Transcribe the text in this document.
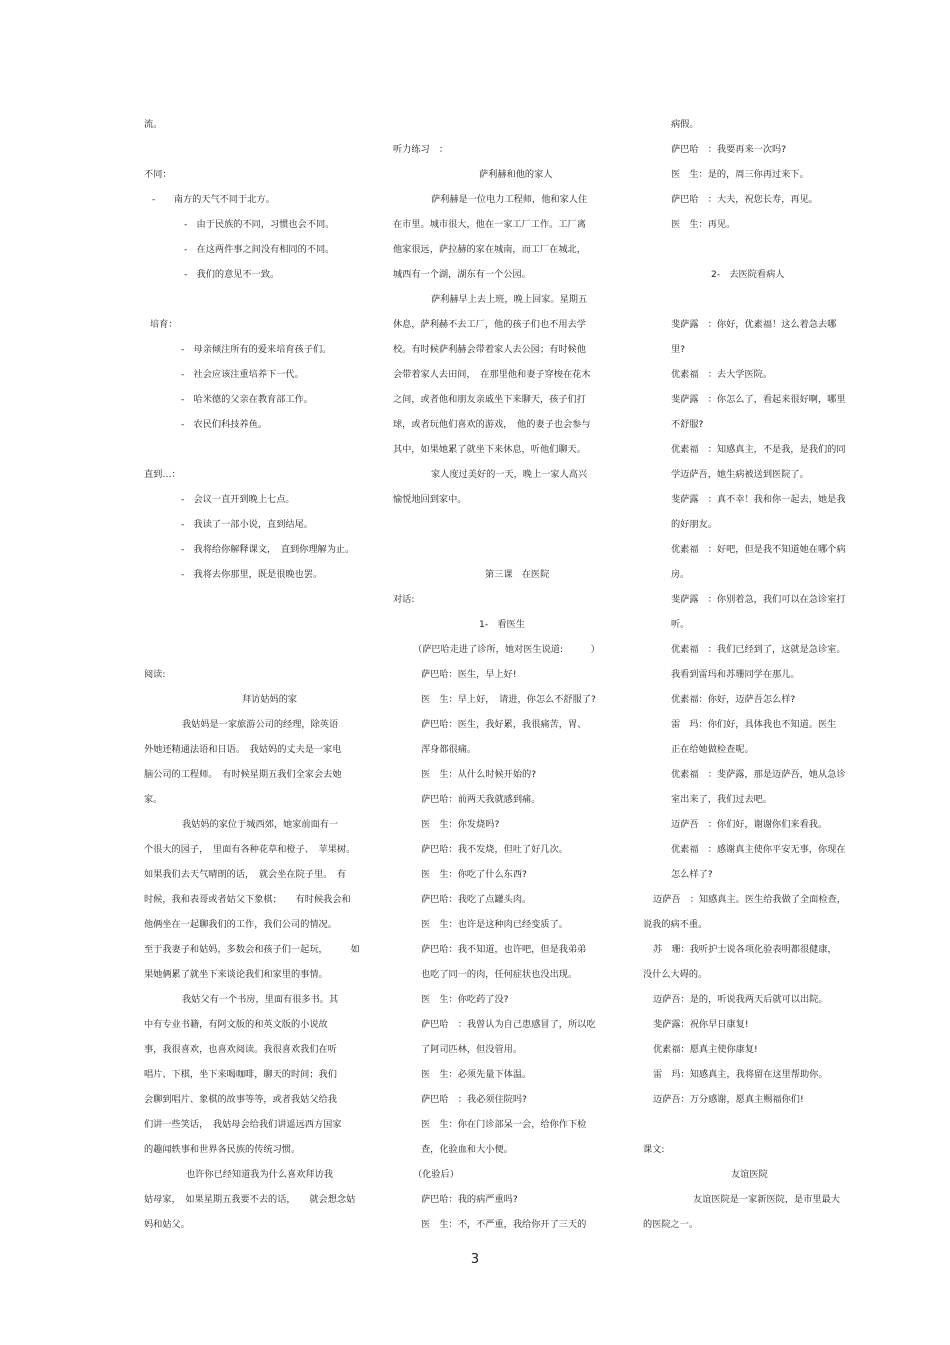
流。
不同：
-　　南方的天气不同于北方。
-　由于民族的不同，习惯也会不同。
-　在这两件事之间没有相同的不同。
-　我们的意见不一致。
培育：
-　母亲倾注所有的爱来培育孩子们。
-　社会应该注重培养下一代。
-　哈米德的父亲在教育部工作。
-　农民们科技养鱼。
直到…：
-　会议一直开到晚上七点。
-　我读了一部小说，直到结尾。
-　我将给你解释课文，　直到你理解为止。
-　我将去你那里，既是很晚也罢。
阅读:
拜访姑妈的家
我姑妈是一家旅游公司的经理，除英语
外她还精通法语和日语。　我姑妈的丈夫是一家电
脑公司的工程师。　有时候星期五我们全家会去她
家。
我姑妈的家位于城西郊，她家前面有一
个很大的园子，　里面有各种花草和橙子、　苹果树。
如果我们去天气晴朗的话，　就会坐在院子里。　有
时候，我和表哥或者姑父下象棋；　　有时候我会和
他俩坐在一起聊我们的工作，我们公司的情况。
至于我妻子和姑妈，多数会和孩子们一起玩，　　　如
果她俩累了就坐下来谈论我们和家里的事情。
我姑父有一个书房，里面有很多书。其
中有专业书籍，有阿文版的和英文版的小说故
事，我很喜欢，也喜欢阅读。我很喜欢我们在听
唱片、下棋，坐下来喝咖啡，聊天的时间；我们
会聊到唱片、象棋的故事等等，或者我姑父给我
们讲一些笑话，　我姑母会给我们讲遥远西方国家
的趣闻轶事和世界各民族的传统习惯。
也许你已经知道我为什么喜欢拜访我
姑母家，　如果星期五我要不去的话，　　就会想念姑
妈和姑父。
听力练习　：
萨利赫和他的家人
萨利赫是一位电力工程师，他和家人住
在市里。城市很大，他在一家工厂工作。工厂离
他家很远，萨拉赫的家在城南，而工厂在城北，
城西有一个湖，湖东有一个公园。
萨利赫早上去上班，晚上回家。星期五
休息，萨利赫不去工厂，他的孩子们也不用去学
校。有时候萨利赫会带着家人去公园；有时候他
会带着家人去田间，　在那里他和妻子穿梭在花木
之间，或者他和朋友亲戚坐下来聊天，孩子们打
球，或者玩他们喜欢的游戏，　他的妻子也会参与
其中，如果她累了就坐下来休息，听他们聊天。
家人度过美好的一天，晚上一家人高兴
愉悦地回到家中。
第三课　在医院
对话:
1-　看医生
（萨巴哈走进了诊所，她对医生说道:　　　）
萨巴哈：医生，早上好!
医　生：早上好，　请进，你怎么不舒服了?
萨巴哈：医生，我好累，我很痛苦，胃、
浑身都很痛。
医　生：从什么时候开始的?
萨巴哈：前两天我就感到痛。
医　生：你发烧吗?
萨巴哈：我不发烧，但吐了好几次。
医　生：你吃了什么东西?
萨巴哈：我吃了点罐头肉。
医　生：也许是这种肉已经变质了。
萨巴哈：我不知道，也许吧，但是我弟弟
也吃了同一的肉，任何症状也没出现。
医　生：你吃药了没?
萨巴哈　：我曾认为自己患感冒了，所以吃
了阿司匹林，但没管用。
医　生：必须先量下体温。
萨巴哈　：我必须住院吗?
医　生：你在门诊部呆一会，给你作下检
查，化验血和大小便。
（化验后）
萨巴哈：我的病严重吗?
医　生：不，不严重，我给你开了三天的
病假。
萨巴哈　：我要再来一次吗?
医　生：是的，周三你再过来下。
萨巴哈　：大夫，祝您长寿，再见。
医　生：再见。
2-　去医院看病人
斐萨露　：你好，优素福！这么着急去哪
里?
优素福　：去大学医院。
斐萨露　：你怎么了，看起来很好啊，哪里
不舒服?
优素福　：知感真主，不是我，是我们的同
学迈萨吾，她生病被送到医院了。
斐萨露　：真不幸！我和你一起去，她是我
的好朋友。
优素福　：好吧，但是我不知道她在哪个病
房。
斐萨露　：你别着急，我们可以在急诊室打
听。
优素福　：我们已经到了，这就是急诊室。
我看到雷玛和苏珊同学在那儿。
优素福：你好，迈萨吾怎么样?
雷　玛：你们好，具体我也不知道。医生
正在给她做检查呢。
优素福　：斐萨露，那是迈萨吾，她从急诊
室出来了，我们过去吧。
迈萨吾　：你们好，谢谢你们来看我。
优素福　：感谢真主使你平安无事，你现在
怎么样了?
迈萨吾　：知感真主。医生给我做了全面检查，
说我的病不重。
苏　珊：我听护士说各项化验表明都很健康，
没什么大碍的。
迈萨吾：是的，听说我两天后就可以出院。
斐萨露：祝你早日康复!
优素福：愿真主使你康复!
雷　玛：知感真主，我将留在这里帮助你。
迈萨吾：万分感谢，愿真主赐福你们!
课文:
友谊医院
友谊医院是一家新医院，是市里最大
的医院之一。
3
